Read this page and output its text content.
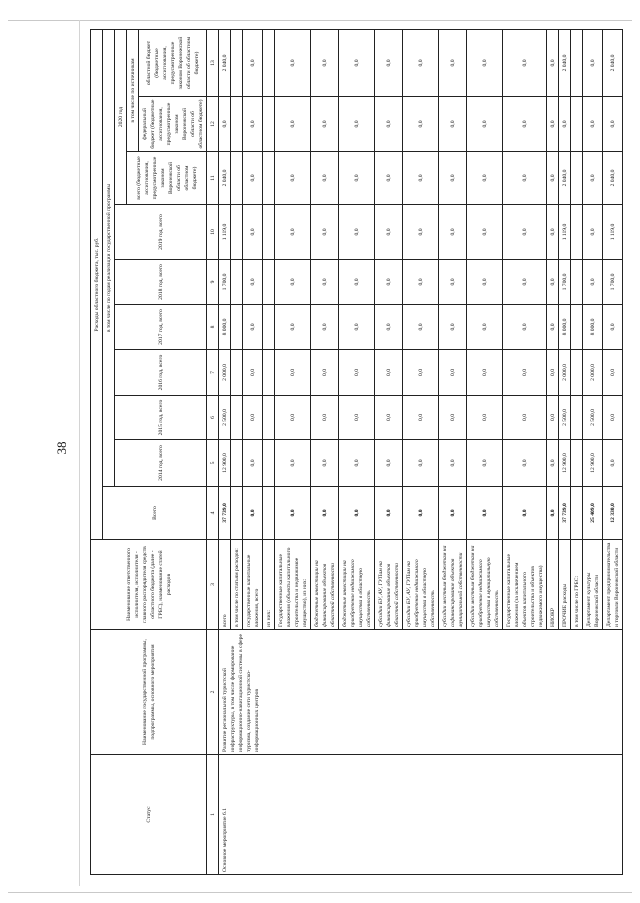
38
Статус	Наименование государственной программы, подпрограммы, основного мероприятия	Наименование ответственного исполнителя, исполнителя - главного распорядителя средств областного бюджета (далее - ГРБС), наименование статей расходов	Расходы областного бюджета, тыс. руб.									
			Всего	в том числе по годам реализации государственной программы								
				2014 год, всего	2015 год, всего	2016 год, всего	2017 год, всего	2018 год, всего	2019 год, всего	2020 год		
										всего (бюджетные ассигнования, предусмотренные законом Воронежской области об областном бюджете)	в том числе по источникам	
											федеральный бюджет (бюджетные ассигнования, предусмотренные законом Воронежской области об областном бюджете)	областной бюджет (бюджетные ассигнования, предусмотренные законом Воронежской области об областном бюджете)
1	2	3	4	5	6	7	8	9	10	11	12	13
Основное мероприятие 6.1	Развитие региональной туристской инфраструктуры, в том числе формирование информационно-навигационной системы в сфере туризма, создание сети туристско-информационных центров	всего	37 739,0	12 900,0	2 500,0	2 000,0	8 000,0	1 700,0	1 119,0	2 040,0	0,0	2 040,0
		в том числе по статьям расходов:										
		государственные капитальные вложения, всего	0,0	0,0	0,0	0,0	0,0	0,0	0,0	0,0	0,0	0,0
		из них:										
		Государственные капитальные вложения (объекты капитального строительства и недвижимое имущество), из них:	0,0	0,0	0,0	0,0	0,0	0,0	0,0	0,0	0,0	0,0
		бюджетные инвестиции на финансирование объектов областной собственности	0,0	0,0	0,0	0,0	0,0	0,0	0,0	0,0	0,0	0,0
		бюджетные инвестиции на приобретение недвижимого имущества в областную собственность	0,0	0,0	0,0	0,0	0,0	0,0	0,0	0,0	0,0	0,0
		субсидии БУ, АУ, ГУПам на финансирование объектов областной собственности	0,0	0,0	0,0	0,0	0,0	0,0	0,0	0,0	0,0	0,0
		субсидии БУ, АУ, ГУПам на приобретение недвижимого имущества в областную собственность	0,0	0,0	0,0	0,0	0,0	0,0	0,0	0,0	0,0	0,0
		субсидии местным бюджетам на софинансирование объектов муниципальной собственности	0,0	0,0	0,0	0,0	0,0	0,0	0,0	0,0	0,0	0,0
		субсидии местным бюджетам на приобретение недвижимого имущества в муниципальную собственность	0,0	0,0	0,0	0,0	0,0	0,0	0,0	0,0	0,0	0,0
		Государственные капитальные вложения (за исключением объектов капитального строительства и объектов недвижимого имущества)	0,0	0,0	0,0	0,0	0,0	0,0	0,0	0,0	0,0	0,0
		НИОКР	0,0	0,0	0,0	0,0	0,0	0,0	0,0	0,0	0,0	0,0
		ПРОЧИЕ расходы	37 739,0	12 900,0	2 500,0	2 000,0	8 000,0	1 700,0	1 119,0	2 040,0	0,0	2 040,0
		в том числе по ГРБС:										
		Департамент культуры Воронежской области	25 409,0	12 900,0	2 500,0	2 000,0	8 000,0	0,0	0,0	0,0	0,0	0,0
		Департамент предпринимательства и торговли Воронежской области	12 330,0	0,0	0,0	0,0	0,0	1 700,0	1 119,0	2 040,0	0,0	2 040,0
